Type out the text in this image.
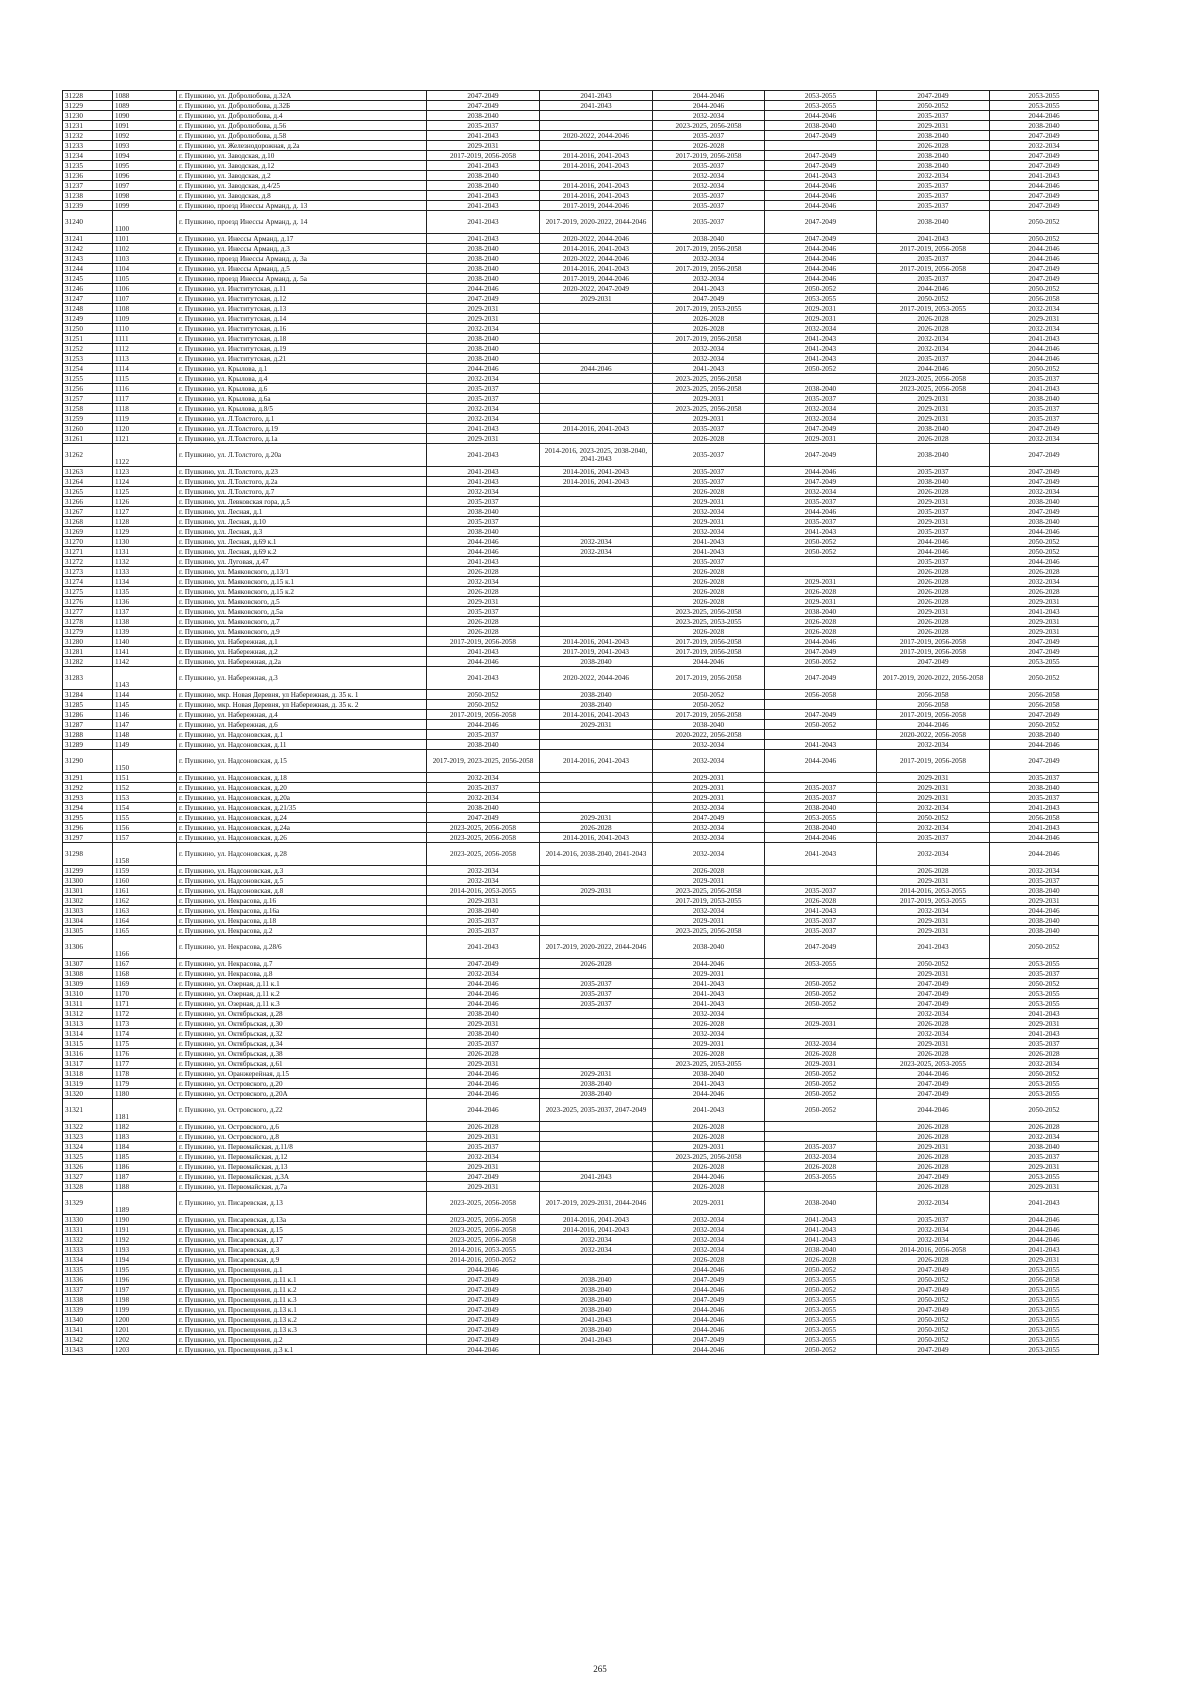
31228	1088	г. Пушкино, ул. Добролюбова, д.32А	2047-2049	2041-2043	2044-2046	2053-2055	2047-2049	2053-2055
31229	1089	г. Пушкино, ул. Добролюбова, д.32Б	2047-2049	2041-2043	2044-2046	2053-2055	2050-2052	2053-2055
31230	1090	г. Пушкино, ул. Добролюбова, д.4	2038-2040		2032-2034	2044-2046	2035-2037	2044-2046
31231	1091	г. Пушкино, ул. Добролюбова, д.56	2035-2037		2023-2025, 2056-2058	2038-2040	2029-2031	2038-2040
31232	1092	г. Пушкино, ул. Добролюбова, д.58	2041-2043	2020-2022, 2044-2046	2035-2037	2047-2049	2038-2040	2047-2049
31233	1093	г. Пушкино, ул. Железнодорожная, д.2а	2029-2031		2026-2028		2026-2028	2032-2034
31234	1094	г. Пушкино, ул. Заводская, д.10	2017-2019, 2056-2058	2014-2016, 2041-2043	2017-2019, 2056-2058	2047-2049	2038-2040	2047-2049
31235	1095	г. Пушкино, ул. Заводская, д.12	2041-2043	2014-2016, 2041-2043	2035-2037	2047-2049	2038-2040	2047-2049
31236	1096	г. Пушкино, ул. Заводская, д.2	2038-2040		2032-2034	2041-2043	2032-2034	2041-2043
31237	1097	г. Пушкино, ул. Заводская, д.4/25	2038-2040	2014-2016, 2041-2043	2032-2034	2044-2046	2035-2037	2044-2046
31238	1098	г. Пушкино, ул. Заводская, д.8	2041-2043	2014-2016, 2041-2043	2035-2037	2044-2046	2035-2037	2047-2049
31239	1099	г. Пушкино, проезд Инессы Арманд, д. 13	2041-2043	2017-2019, 2044-2046	2035-2037	2044-2046	2035-2037	2047-2049
31240	1100	г. Пушкино, проезд Инессы Арманд, д. 14	2041-2043	2017-2019, 2020-2022, 2044-2046	2035-2037	2047-2049	2038-2040	2050-2052
31241	1101	г. Пушкино, ул. Инессы Арманд, д.17	2041-2043	2020-2022, 2044-2046	2038-2040	2047-2049	2041-2043	2050-2052
31242	1102	г. Пушкино, ул. Инессы Арманд, д.3	2038-2040	2014-2016, 2041-2043	2017-2019, 2056-2058	2044-2046	2017-2019, 2056-2058	2044-2046
31243	1103	г. Пушкино, проезд Инессы Арманд, д. 3а	2038-2040	2020-2022, 2044-2046	2032-2034	2044-2046	2035-2037	2044-2046
31244	1104	г. Пушкино, ул. Инессы Арманд, д.5	2038-2040	2014-2016, 2041-2043	2017-2019, 2056-2058	2044-2046	2017-2019, 2056-2058	2047-2049
31245	1105	г. Пушкино, проезд Инессы Арманд, д. 5а	2038-2040	2017-2019, 2044-2046	2032-2034	2044-2046	2035-2037	2047-2049
31246	1106	г. Пушкино, ул. Институтская, д.11	2044-2046	2020-2022, 2047-2049	2041-2043	2050-2052	2044-2046	2050-2052
31247	1107	г. Пушкино, ул. Институтская, д.12	2047-2049	2029-2031	2047-2049	2053-2055	2050-2052	2056-2058
31248	1108	г. Пушкино, ул. Институтская, д.13	2029-2031		2017-2019, 2053-2055	2029-2031	2017-2019, 2053-2055	2032-2034
31249	1109	г. Пушкино, ул. Институтская, д.14	2029-2031		2026-2028	2029-2031	2026-2028	2029-2031
31250	1110	г. Пушкино, ул. Институтская, д.16	2032-2034		2026-2028	2032-2034	2026-2028	2032-2034
31251	1111	г. Пушкино, ул. Институтская, д.18	2038-2040		2017-2019, 2056-2058	2041-2043	2032-2034	2041-2043
31252	1112	г. Пушкино, ул. Институтская, д.19	2038-2040		2032-2034	2041-2043	2032-2034	2044-2046
31253	1113	г. Пушкино, ул. Институтская, д.21	2038-2040		2032-2034	2041-2043	2035-2037	2044-2046
31254	1114	г. Пушкино, ул. Крылова, д.1	2044-2046	2044-2046	2041-2043	2050-2052	2044-2046	2050-2052
31255	1115	г. Пушкино, ул. Крылова, д.4	2032-2034		2023-2025, 2056-2058		2023-2025, 2056-2058	2035-2037
31256	1116	г. Пушкино, ул. Крылова, д.6	2035-2037		2023-2025, 2056-2058	2038-2040	2023-2025, 2056-2058	2041-2043
31257	1117	г. Пушкино, ул. Крылова, д.6а	2035-2037		2029-2031	2035-2037	2029-2031	2038-2040
31258	1118	г. Пушкино, ул. Крылова, д.8/5	2032-2034		2023-2025, 2056-2058	2032-2034	2029-2031	2035-2037
31259	1119	г. Пушкино, ул. Л.Толстого, д.1	2032-2034		2029-2031	2032-2034	2029-2031	2035-2037
31260	1120	г. Пушкино, ул. Л.Толстого, д.19	2041-2043	2014-2016, 2041-2043	2035-2037	2047-2049	2038-2040	2047-2049
31261	1121	г. Пушкино, ул. Л.Толстого, д.1а	2029-2031		2026-2028	2029-2031	2026-2028	2032-2034
31262	1122	г. Пушкино, ул. Л.Толстого, д.20а	2041-2043	2014-2016, 2023-2025, 2038-2040, 2041-2043	2035-2037	2047-2049	2038-2040	2047-2049
31263	1123	г. Пушкино, ул. Л.Толстого, д.23	2041-2043	2014-2016, 2041-2043	2035-2037	2044-2046	2035-2037	2047-2049
31264	1124	г. Пушкино, ул. Л.Толстого, д.2а	2041-2043	2014-2016, 2041-2043	2035-2037	2047-2049	2038-2040	2047-2049
31265	1125	г. Пушкино, ул. Л.Толстого, д.7	2032-2034		2026-2028	2032-2034	2026-2028	2032-2034
31266	1126	г. Пушкино, ул. Левковская гора, д.5	2035-2037		2029-2031	2035-2037	2029-2031	2038-2040
31267	1127	г. Пушкино, ул. Лесная, д.1	2038-2040		2032-2034	2044-2046	2035-2037	2047-2049
31268	1128	г. Пушкино, ул. Лесная, д.10	2035-2037		2029-2031	2035-2037	2029-2031	2038-2040
31269	1129	г. Пушкино, ул. Лесная, д.3	2038-2040		2032-2034	2041-2043	2035-2037	2044-2046
31270	1130	г. Пушкино, ул. Лесная, д.69 к.1	2044-2046	2032-2034	2041-2043	2050-2052	2044-2046	2050-2052
31271	1131	г. Пушкино, ул. Лесная, д.69 к.2	2044-2046	2032-2034	2041-2043	2050-2052	2044-2046	2050-2052
31272	1132	г. Пушкино, ул. Луговая, д.47	2041-2043		2035-2037		2035-2037	2044-2046
31273	1133	г. Пушкино, ул. Маяковского, д.13/1	2026-2028		2026-2028		2026-2028	2026-2028
31274	1134	г. Пушкино, ул. Маяковского, д.15 к.1	2032-2034		2026-2028	2029-2031	2026-2028	2032-2034
31275	1135	г. Пушкино, ул. Маяковского, д.15 к.2	2026-2028		2026-2028	2026-2028	2026-2028	2026-2028
31276	1136	г. Пушкино, ул. Маяковского, д.5	2029-2031		2026-2028	2029-2031	2026-2028	2029-2031
31277	1137	г. Пушкино, ул. Маяковского, д.5а	2035-2037		2023-2025, 2056-2058	2038-2040	2029-2031	2041-2043
31278	1138	г. Пушкино, ул. Маяковского, д.7	2026-2028		2023-2025, 2053-2055	2026-2028	2026-2028	2029-2031
31279	1139	г. Пушкино, ул. Маяковского, д.9	2026-2028		2026-2028	2026-2028	2026-2028	2029-2031
31280	1140	г. Пушкино, ул. Набережная, д.1	2017-2019, 2056-2058	2014-2016, 2041-2043	2017-2019, 2056-2058	2044-2046	2017-2019, 2056-2058	2047-2049
31281	1141	г. Пушкино, ул. Набережная, д.2	2041-2043	2017-2019, 2041-2043	2017-2019, 2056-2058	2047-2049	2017-2019, 2056-2058	2047-2049
31282	1142	г. Пушкино, ул. Набережная, д.2а	2044-2046	2038-2040	2044-2046	2050-2052	2047-2049	2053-2055
31283	1143	г. Пушкино, ул. Набережная, д.3	2041-2043	2020-2022, 2044-2046	2017-2019, 2056-2058	2047-2049	2017-2019, 2020-2022, 2056-2058	2050-2052
31284	1144	г. Пушкино, мкр. Новая Деревня, ул Набережная, д. 35 к. 1	2050-2052	2038-2040	2050-2052	2056-2058	2056-2058	2056-2058
31285	1145	г. Пушкино, мкр. Новая Деревня, ул Набережная, д. 35 к. 2	2050-2052	2038-2040	2050-2052		2056-2058	2056-2058
31286	1146	г. Пушкино, ул. Набережная, д.4	2017-2019, 2056-2058	2014-2016, 2041-2043	2017-2019, 2056-2058	2047-2049	2017-2019, 2056-2058	2047-2049
31287	1147	г. Пушкино, ул. Набережная, д.6	2044-2046	2029-2031	2038-2040	2050-2052	2044-2046	2050-2052
31288	1148	г. Пушкино, ул. Надсоновская, д.1	2035-2037		2020-2022, 2056-2058		2020-2022, 2056-2058	2038-2040
31289	1149	г. Пушкино, ул. Надсоновская, д.11	2038-2040		2032-2034	2041-2043	2032-2034	2044-2046
31290	1150	г. Пушкино, ул. Надсоновская, д.15	2017-2019, 2023-2025, 2056-2058	2014-2016, 2041-2043	2032-2034	2044-2046	2017-2019, 2056-2058	2047-2049
31291	1151	г. Пушкино, ул. Надсоновская, д.18	2032-2034		2029-2031		2029-2031	2035-2037
31292	1152	г. Пушкино, ул. Надсоновская, д.20	2035-2037		2029-2031	2035-2037	2029-2031	2038-2040
31293	1153	г. Пушкино, ул. Надсоновская, д.20а	2032-2034		2029-2031	2035-2037	2029-2031	2035-2037
31294	1154	г. Пушкино, ул. Надсоновская, д.21/35	2038-2040		2032-2034	2038-2040	2032-2034	2041-2043
31295	1155	г. Пушкино, ул. Надсоновская, д.24	2047-2049	2029-2031	2047-2049	2053-2055	2050-2052	2056-2058
31296	1156	г. Пушкино, ул. Надсоновская, д.24а	2023-2025, 2056-2058	2026-2028	2032-2034	2038-2040	2032-2034	2041-2043
31297	1157	г. Пушкино, ул. Надсоновская, д.26	2023-2025, 2056-2058	2014-2016, 2041-2043	2032-2034	2044-2046	2035-2037	2044-2046
31298	1158	г. Пушкино, ул. Надсоновская, д.28	2023-2025, 2056-2058	2014-2016, 2038-2040, 2041-2043	2032-2034	2041-2043	2032-2034	2044-2046
31299	1159	г. Пушкино, ул. Надсоновская, д.3	2032-2034		2026-2028		2026-2028	2032-2034
31300	1160	г. Пушкино, ул. Надсоновская, д.5	2032-2034		2029-2031		2029-2031	2035-2037
31301	1161	г. Пушкино, ул. Надсоновская, д.8	2014-2016, 2053-2055	2029-2031	2023-2025, 2056-2058	2035-2037	2014-2016, 2053-2055	2038-2040
31302	1162	г. Пушкино, ул. Некрасова, д.16	2029-2031		2017-2019, 2053-2055	2026-2028	2017-2019, 2053-2055	2029-2031
31303	1163	г. Пушкино, ул. Некрасова, д.16а	2038-2040		2032-2034	2041-2043	2032-2034	2044-2046
31304	1164	г. Пушкино, ул. Некрасова, д.18	2035-2037		2029-2031	2035-2037	2029-2031	2038-2040
31305	1165	г. Пушкино, ул. Некрасова, д.2	2035-2037		2023-2025, 2056-2058	2035-2037	2029-2031	2038-2040
31306	1166	г. Пушкино, ул. Некрасова, д.28/6	2041-2043	2017-2019, 2020-2022, 2044-2046	2038-2040	2047-2049	2041-2043	2050-2052
31307	1167	г. Пушкино, ул. Некрасова, д.7	2047-2049	2026-2028	2044-2046	2053-2055	2050-2052	2053-2055
31308	1168	г. Пушкино, ул. Некрасова, д.8	2032-2034		2029-2031		2029-2031	2035-2037
31309	1169	г. Пушкино, ул. Озерная, д.11 к.1	2044-2046	2035-2037	2041-2043	2050-2052	2047-2049	2050-2052
31310	1170	г. Пушкино, ул. Озерная, д.11 к.2	2044-2046	2035-2037	2041-2043	2050-2052	2047-2049	2053-2055
31311	1171	г. Пушкино, ул. Озерная, д.11 к.3	2044-2046	2035-2037	2041-2043	2050-2052	2047-2049	2053-2055
31312	1172	г. Пушкино, ул. Октябрьская, д.28	2038-2040		2032-2034		2032-2034	2041-2043
31313	1173	г. Пушкино, ул. Октябрьская, д.30	2029-2031		2026-2028	2029-2031	2026-2028	2029-2031
31314	1174	г. Пушкино, ул. Октябрьская, д.32	2038-2040		2032-2034		2032-2034	2041-2043
31315	1175	г. Пушкино, ул. Октябрьская, д.34	2035-2037		2029-2031	2032-2034	2029-2031	2035-2037
31316	1176	г. Пушкино, ул. Октябрьская, д.38	2026-2028		2026-2028	2026-2028	2026-2028	2026-2028
31317	1177	г. Пушкино, ул. Октябрьская, д.61	2029-2031		2023-2025, 2053-2055	2029-2031	2023-2025, 2053-2055	2032-2034
31318	1178	г. Пушкино, ул. Оранжерейная, д.15	2044-2046	2029-2031	2038-2040	2050-2052	2044-2046	2050-2052
31319	1179	г. Пушкино, ул. Островского, д.20	2044-2046	2038-2040	2041-2043	2050-2052	2047-2049	2053-2055
31320	1180	г. Пушкино, ул. Островского, д.20А	2044-2046	2038-2040	2044-2046	2050-2052	2047-2049	2053-2055
31321	1181	г. Пушкино, ул. Островского, д.22	2044-2046	2023-2025, 2035-2037, 2047-2049	2041-2043	2050-2052	2044-2046	2050-2052
31322	1182	г. Пушкино, ул. Островского, д.6	2026-2028		2026-2028		2026-2028	2026-2028
31323	1183	г. Пушкино, ул. Островского, д.8	2029-2031		2026-2028		2026-2028	2032-2034
31324	1184	г. Пушкино, ул. Первомайская, д.11/8	2035-2037		2029-2031	2035-2037	2029-2031	2038-2040
31325	1185	г. Пушкино, ул. Первомайская, д.12	2032-2034		2023-2025, 2056-2058	2032-2034	2026-2028	2035-2037
31326	1186	г. Пушкино, ул. Первомайская, д.13	2029-2031		2026-2028	2026-2028	2026-2028	2029-2031
31327	1187	г. Пушкино, ул. Первомайская, д.3А	2047-2049	2041-2043	2044-2046	2053-2055	2047-2049	2053-2055
31328	1188	г. Пушкино, ул. Первомайская, д.7а	2029-2031		2026-2028		2026-2028	2029-2031
31329	1189	г. Пушкино, ул. Писаревская, д.13	2023-2025, 2056-2058	2017-2019, 2029-2031, 2044-2046	2029-2031	2038-2040	2032-2034	2041-2043
31330	1190	г. Пушкино, ул. Писаревская, д.13а	2023-2025, 2056-2058	2014-2016, 2041-2043	2032-2034	2041-2043	2035-2037	2044-2046
31331	1191	г. Пушкино, ул. Писаревская, д.15	2023-2025, 2056-2058	2014-2016, 2041-2043	2032-2034	2041-2043	2032-2034	2044-2046
31332	1192	г. Пушкино, ул. Писаревская, д.17	2023-2025, 2056-2058	2032-2034	2032-2034	2041-2043	2032-2034	2044-2046
31333	1193	г. Пушкино, ул. Писаревская, д.3	2014-2016, 2053-2055	2032-2034	2032-2034	2038-2040	2014-2016, 2056-2058	2041-2043
31334	1194	г. Пушкино, ул. Писаревская, д.9	2014-2016, 2050-2052		2026-2028	2026-2028	2026-2028	2029-2031
31335	1195	г. Пушкино, ул. Просвещения, д.1	2044-2046		2044-2046	2050-2052	2047-2049	2053-2055
31336	1196	г. Пушкино, ул. Просвещения, д.11 к.1	2047-2049	2038-2040	2047-2049	2053-2055	2050-2052	2056-2058
31337	1197	г. Пушкино, ул. Просвещения, д.11 к.2	2047-2049	2038-2040	2044-2046	2050-2052	2047-2049	2053-2055
31338	1198	г. Пушкино, ул. Просвещения, д.11 к.3	2047-2049	2038-2040	2047-2049	2053-2055	2050-2052	2053-2055
31339	1199	г. Пушкино, ул. Просвещения, д.13 к.1	2047-2049	2038-2040	2044-2046	2053-2055	2047-2049	2053-2055
31340	1200	г. Пушкино, ул. Просвещения, д.13 к.2	2047-2049	2041-2043	2044-2046	2053-2055	2050-2052	2053-2055
31341	1201	г. Пушкино, ул. Просвещения, д.13 к.3	2047-2049	2038-2040	2044-2046	2053-2055	2050-2052	2053-2055
31342	1202	г. Пушкино, ул. Просвещения, д.2	2047-2049	2041-2043	2047-2049	2053-2055	2050-2052	2053-2055
31343	1203	г. Пушкино, ул. Просвещения, д.3 к.1	2044-2046		2044-2046	2050-2052	2047-2049	2053-2055
265
